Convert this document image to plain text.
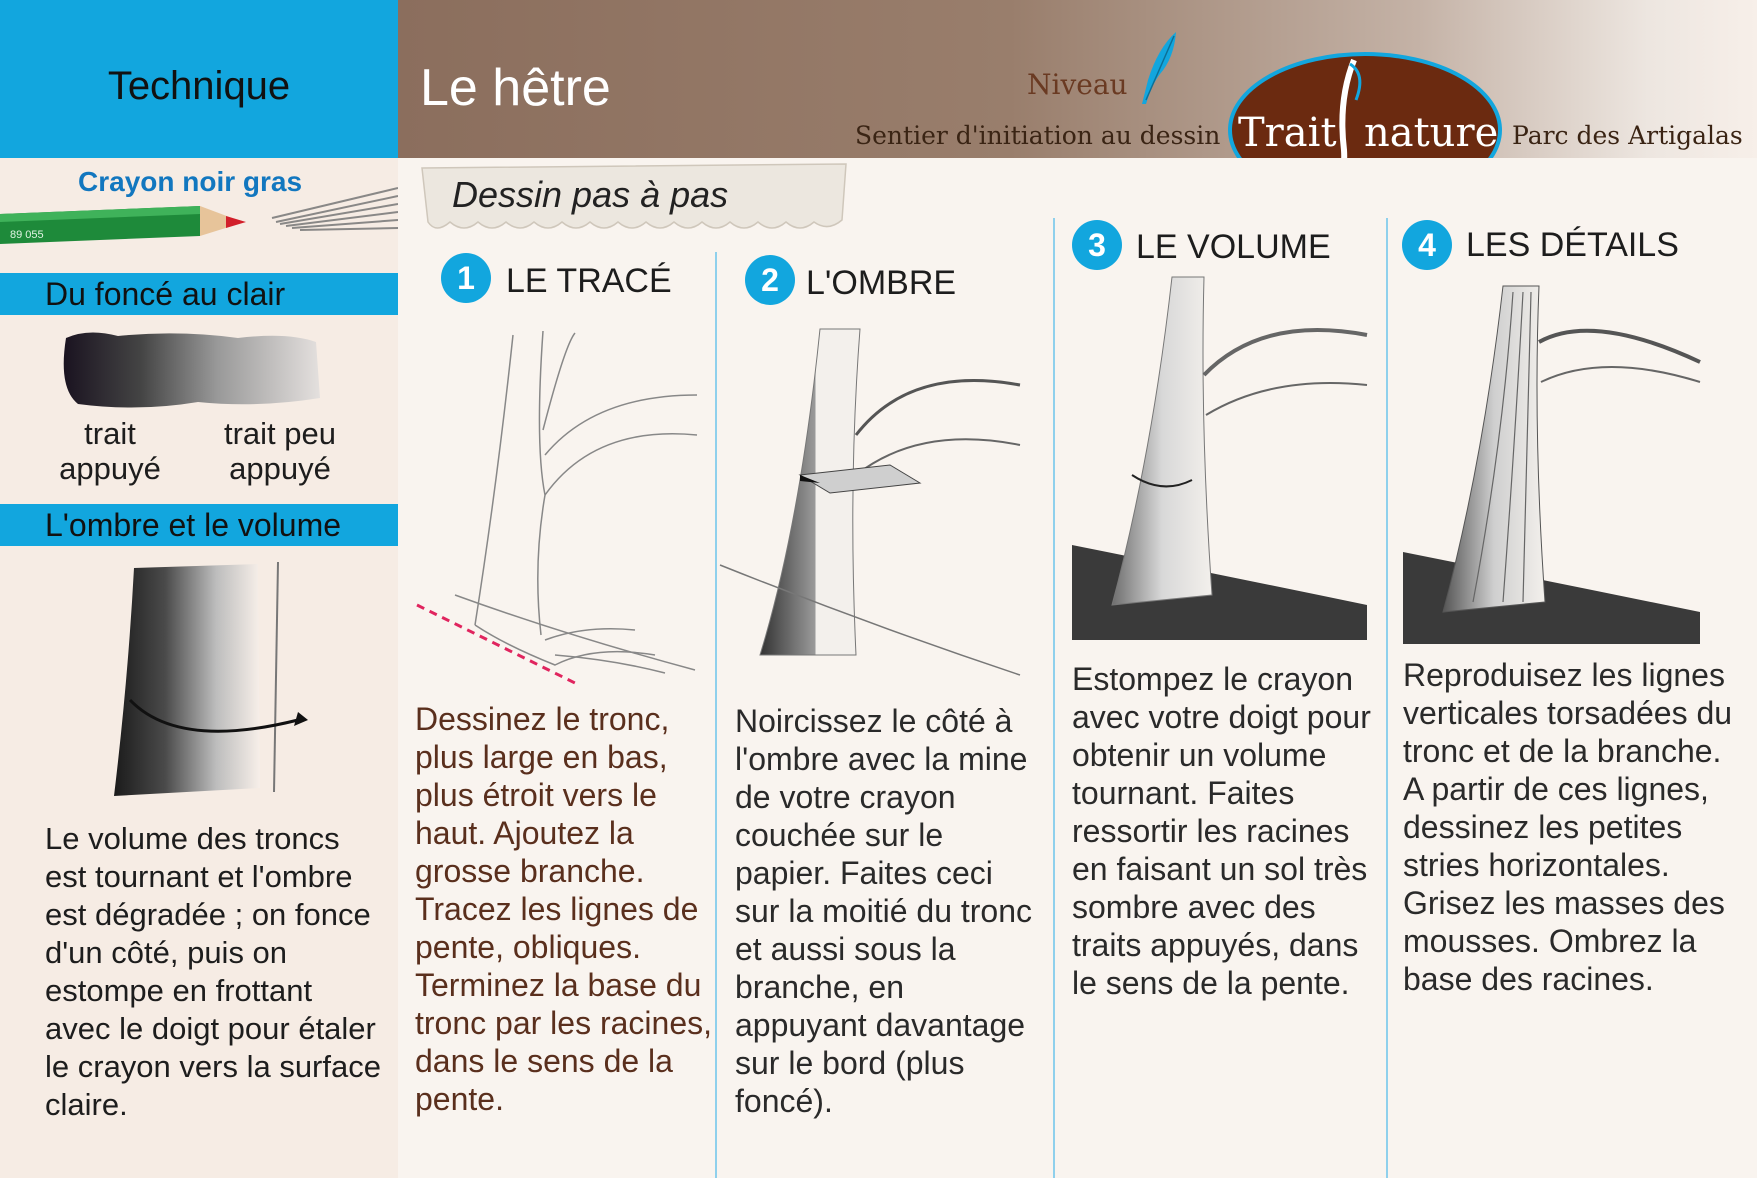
Technique
Crayon noir gras
89 055
Du foncé au clair
trait
appuyé
trait peu
appuyé
L'ombre et le volume
Le volume des troncs est tournant et l'ombre est dégradée ; on fonce d'un côté, puis on estompe en frottant avec le doigt pour étaler le crayon vers la surface claire.
Le hêtre	Niveau
Sentier d'initiation au dessin Trait nature Parc des Artigalas
Dessin pas à pas
1 LE TRACÉ
Dessinez le tronc, plus large en bas, plus étroit vers le haut. Ajoutez la grosse branche. Tracez les lignes de pente, obliques. Terminez la base du tronc par les racines, dans le sens de la pente.
2 L'OMBRE
Noircissez le côté à l'ombre avec la mine de votre crayon couchée sur le papier. Faites ceci sur la moitié du tronc et aussi sous la branche, en appuyant davantage sur le bord (plus foncé).
3 LE VOLUME
Estompez le crayon avec votre doigt pour obtenir un volume tournant. Faites ressortir les racines en faisant un sol très sombre avec des traits appuyés, dans le sens de la pente.
4 LES DÉTAILS
Reproduisez les lignes verticales torsadées du tronc et de la branche. A partir de ces lignes, dessinez les petites stries horizontales. Grisez les masses des mousses. Ombrez la base des racines.
